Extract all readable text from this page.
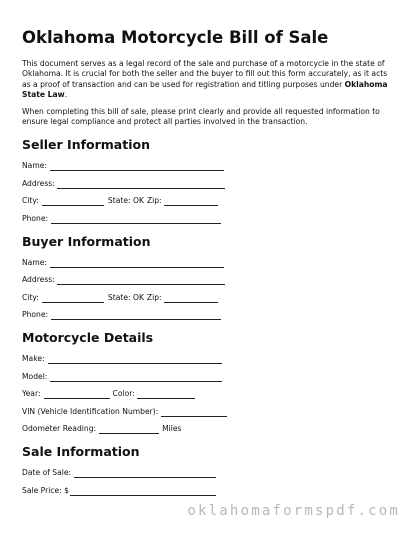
Oklahoma Motorcycle Bill of Sale

This document serves as a legal record of the sale and purchase of a motorcycle in the state of Oklahoma. It is crucial for both the seller and the buyer to fill out this form accurately, as it acts as a proof of transaction and can be used for registration and titling purposes under Oklahoma State Law.

When completing this bill of sale, please print clearly and provide all requested information to ensure legal compliance and protect all parties involved in the transaction.

Seller Information
Name:
Address:
City:	State: OK Zip:
Phone:
Buyer Information
Name:
Address:
City:	State: OK Zip:
Phone:
Motorcycle Details
Make:
Model:
Year:	Color:
VIN (Vehicle Identification Number):
Odometer Reading:	Miles
Sale Information
Date of Sale:
Sale Price: $
oklahomaformspdf.com
